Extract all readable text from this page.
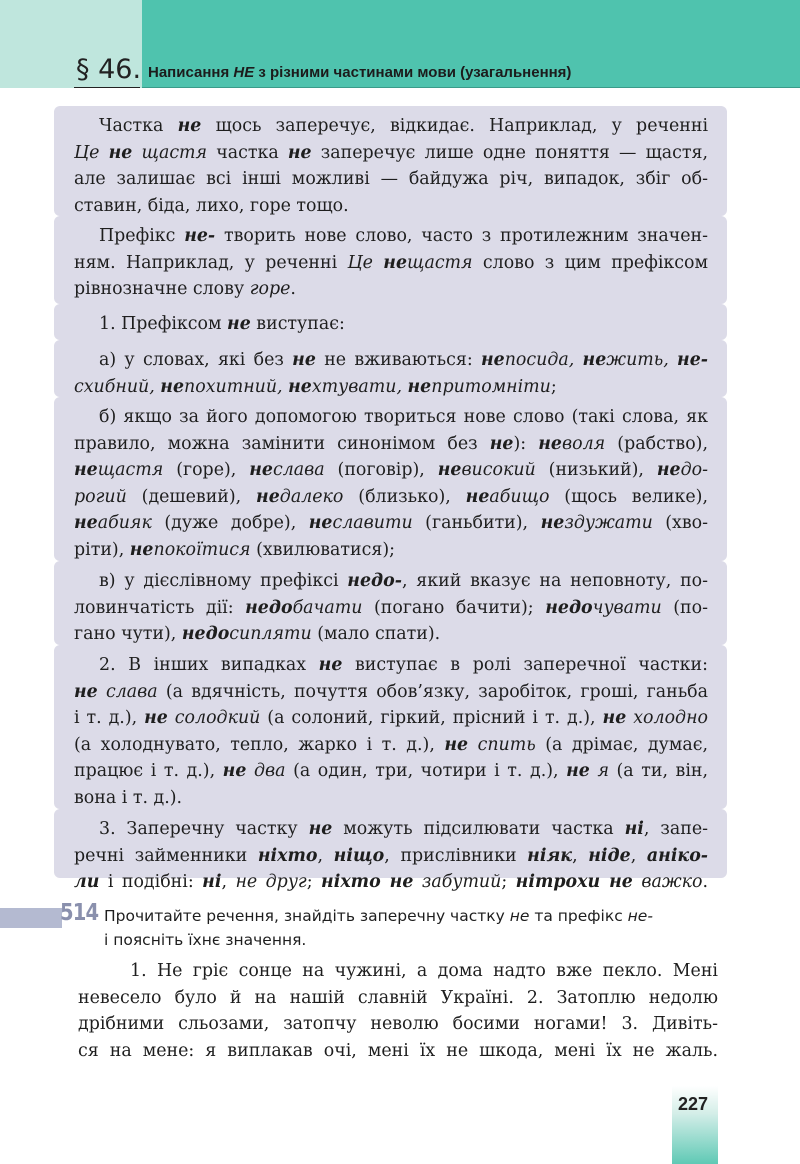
§ 46. Написання НЕ з різними частинами мови (узагальнення)
Частка не щось заперечує, відкидає. Наприклад, у реченні
Це не щастя частка не заперечує лише одне поняття — щастя,
але залишає всі інші можливі — байдужа річ, випадок, збіг об-
ставин, біда, лихо, горе тощо.
Префікс не- творить нове слово, часто з протилежним значен-
ням. Наприклад, у реченні Це нещастя слово з цим префіксом
рівнозначне слову горе.
1. Префіксом не виступає:
а) у словах, які без не не вживаються: непосида, нежить, не-
схибний, непохитний, нехтувати, непритомніти;
б) якщо за його допомогою твориться нове слово (такі слова, як
правило, можна замінити синонімом без не): неволя (рабство),
нещастя (горе), неслава (поговір), невисокий (низький), недо-
рогий (дешевий), недалеко (близько), неабищо (щось велике),
неабияк (дуже добре), неславити (ганьбити), нездужати (хво-
ріти), непокоїтися (хвилюватися);
в) у дієслівному префіксі недо-, який вказує на неповноту, по-
ловинчатість дії: недобачати (погано бачити); недочувати (по-
гано чути), недосипляти (мало спати).
2. В інших випадках не виступає в ролі заперечної частки:
не слава (а вдячність, почуття обов’язку, заробіток, гроші, ганьба
і т. д.), не солодкий (а солоний, гіркий, прісний і т. д.), не холодно
(а холоднувато, тепло, жарко і т. д.), не спить (а дрімає, думає,
працює і т. д.), не два (а один, три, чотири і т. д.), не я (а ти, він,
вона і т. д.).
3. Заперечну частку не можуть підсилювати частка ні, запе-
речні займенники ніхто, ніщо, прислівники ніяк, ніде, аніко-
ли і подібні: ні, не друг; ніхто не забутий; нітрохи не важко.
514 Прочитайте речення, знайдіть заперечну частку не та префікс не-
і поясніть їхнє значення.
1. Не гріє сонце на чужині, а дома надто вже пекло. Мені
невесело було й на нашій славній Україні. 2. Затоплю недолю
дрібними сльозами, затопчу неволю босими ногами! 3. Дивіть-
ся на мене: я виплакав очі, мені їх не шкода, мені їх не жаль.
227
